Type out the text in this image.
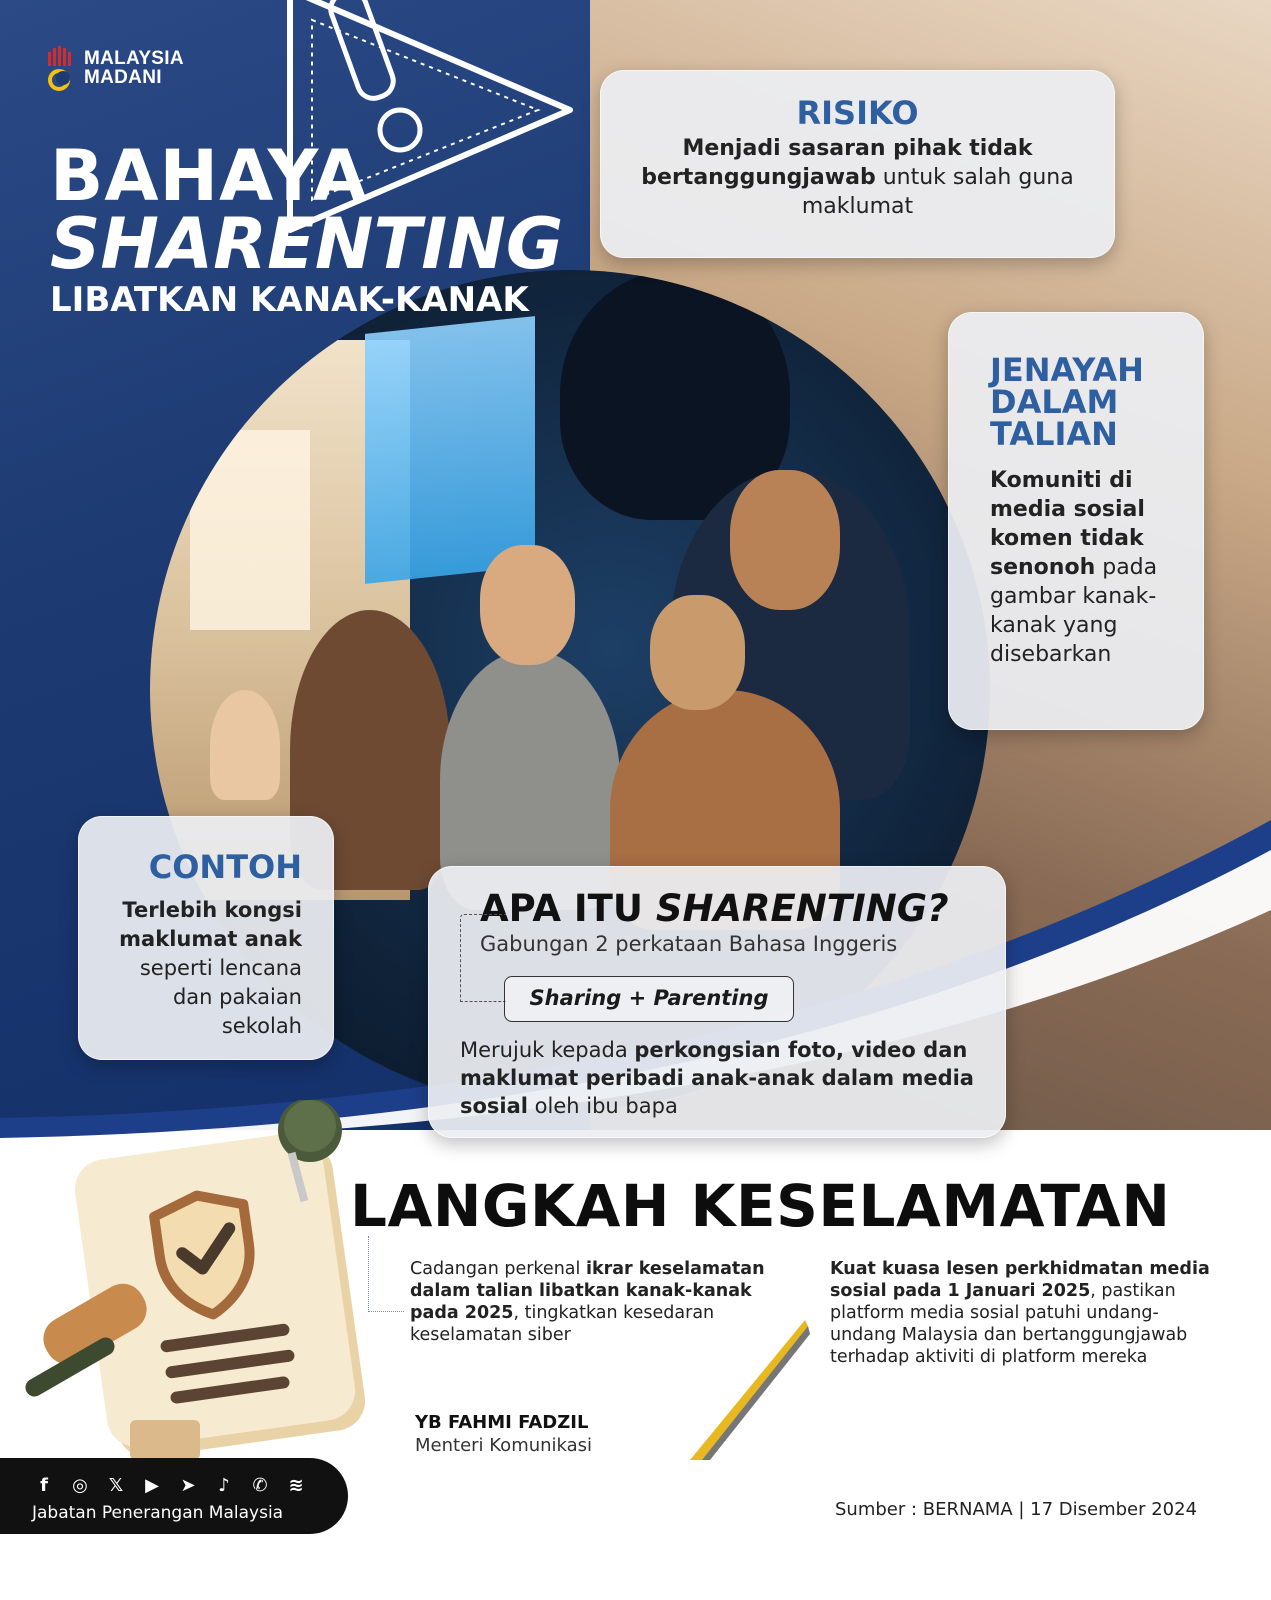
MALAYSIA
MADANI
BAHAYA
SHARENTING
LIBATKAN KANAK-KANAK
RISIKO
Menjadi sasaran pihak tidak
bertanggungjawab untuk salah guna
maklumat
JENAYAH DALAM TALIAN
Komuniti di media sosial komen tidak senonoh pada gambar kanak-kanak yang disebarkan
CONTOH
Terlebih kongsi maklumat anak seperti lencana dan pakaian sekolah
APA ITU SHARENTING?
Gabungan 2 perkataan Bahasa Inggeris
Sharing + Parenting
Merujuk kepada perkongsian foto, video dan maklumat peribadi anak-anak dalam media sosial oleh ibu bapa
LANGKAH KESELAMATAN
Cadangan perkenal ikrar keselamatan dalam talian libatkan kanak-kanak pada 2025, tingkatkan kesedaran keselamatan siber
Kuat kuasa lesen perkhidmatan media sosial pada 1 Januari 2025, pastikan platform media sosial patuhi undang-undang Malaysia dan bertanggungjawab terhadap aktiviti di platform mereka
YB FAHMI FADZIL
Menteri Komunikasi
f	◎ 𝕏 ▶ ➤	♪	✆ ≋
Jabatan Penerangan Malaysia	Sumber : BERNAMA | 17 Disember 2024
